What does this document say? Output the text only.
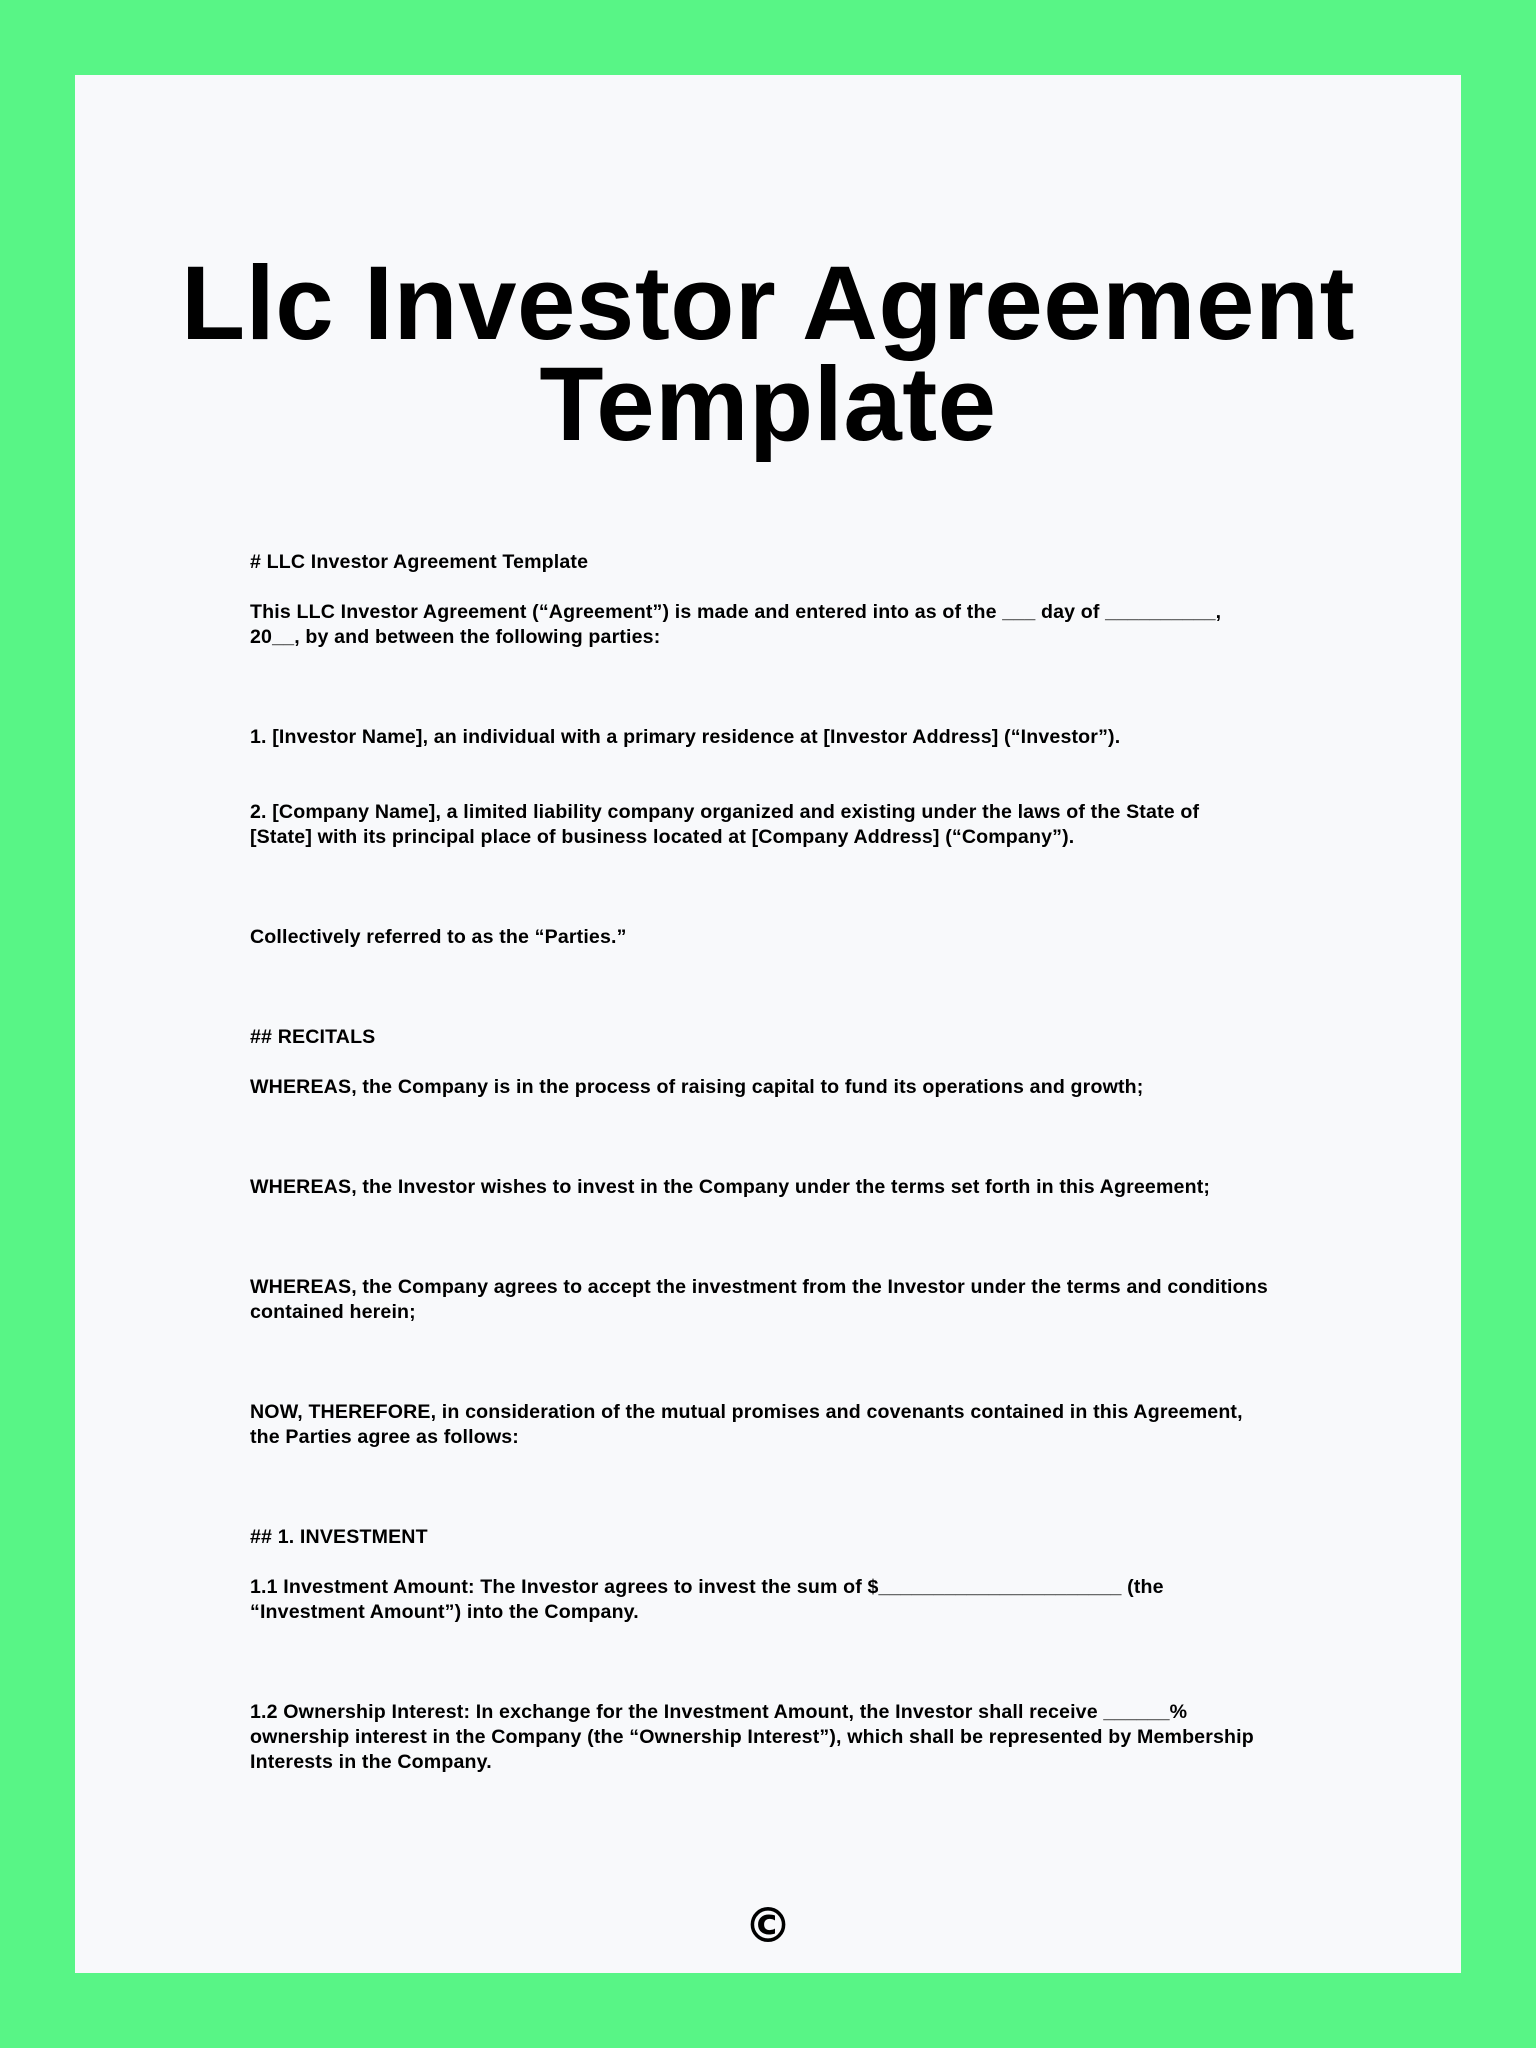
Llc Investor Agreement Template

# LLC Investor Agreement Template

This LLC Investor Agreement (“Agreement”) is made and entered into as of the ___ day of __________,
20__, by and between the following parties:

1. [Investor Name], an individual with a primary residence at [Investor Address] (“Investor”).

2. [Company Name], a limited liability company organized and existing under the laws of the State of
[State] with its principal place of business located at [Company Address] (“Company”).

Collectively referred to as the “Parties.”

## RECITALS

WHEREAS, the Company is in the process of raising capital to fund its operations and growth;

WHEREAS, the Investor wishes to invest in the Company under the terms set forth in this Agreement;

WHEREAS, the Company agrees to accept the investment from the Investor under the terms and conditions
contained herein;

NOW, THEREFORE, in consideration of the mutual promises and covenants contained in this Agreement,
the Parties agree as follows:

## 1. INVESTMENT

1.1 Investment Amount: The Investor agrees to invest the sum of $______________________ (the
“Investment Amount”) into the Company.

1.2 Ownership Interest: In exchange for the Investment Amount, the Investor shall receive ______%
ownership interest in the Company (the “Ownership Interest”), which shall be represented by Membership
Interests in the Company.

©
